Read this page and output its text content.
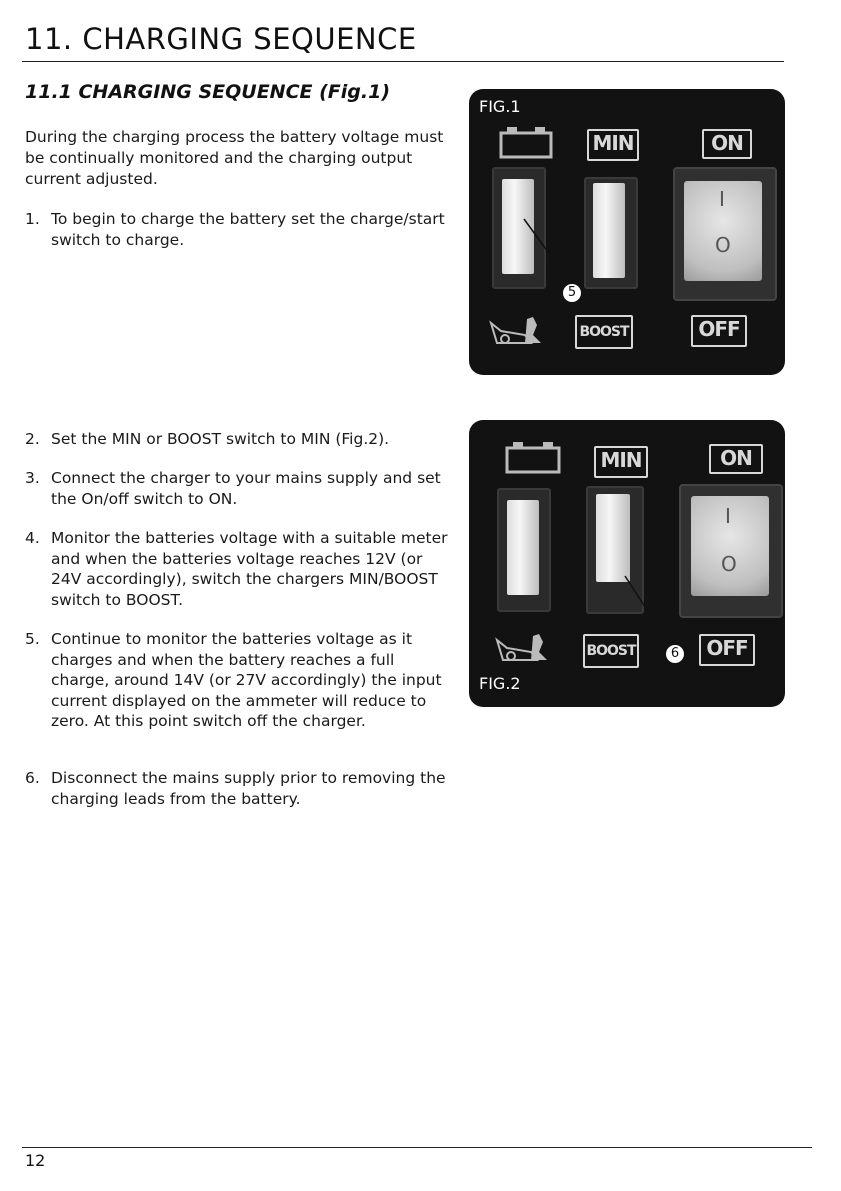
11. CHARGING SEQUENCE
11.1 CHARGING SEQUENCE (Fig.1)
During the charging process the battery voltage must be continually monitored and the charging output current adjusted.
1. To begin to charge the battery set the charge/start switch to charge.
2. Set the MIN or BOOST switch to MIN (Fig.2).
3. Connect the charger to your mains supply and set the On/off switch to ON.
4. Monitor the batteries voltage with a suitable meter and when the batteries voltage reaches 12V (or 24V accordingly), switch the chargers MIN/BOOST switch to BOOST.
5. Continue to monitor the batteries voltage as it charges and when the battery reaches a full charge, around 14V (or 27V accordingly) the input current displayed on the ammeter will reduce to zero. At this point switch off the charger.
6. Disconnect the mains supply prior to removing the charging leads from the battery.
FIG.1
MIN	ON
I
O
5
BOOST	OFF
MIN	ON
I
O
BOOST	6	OFF
FIG.2
12
